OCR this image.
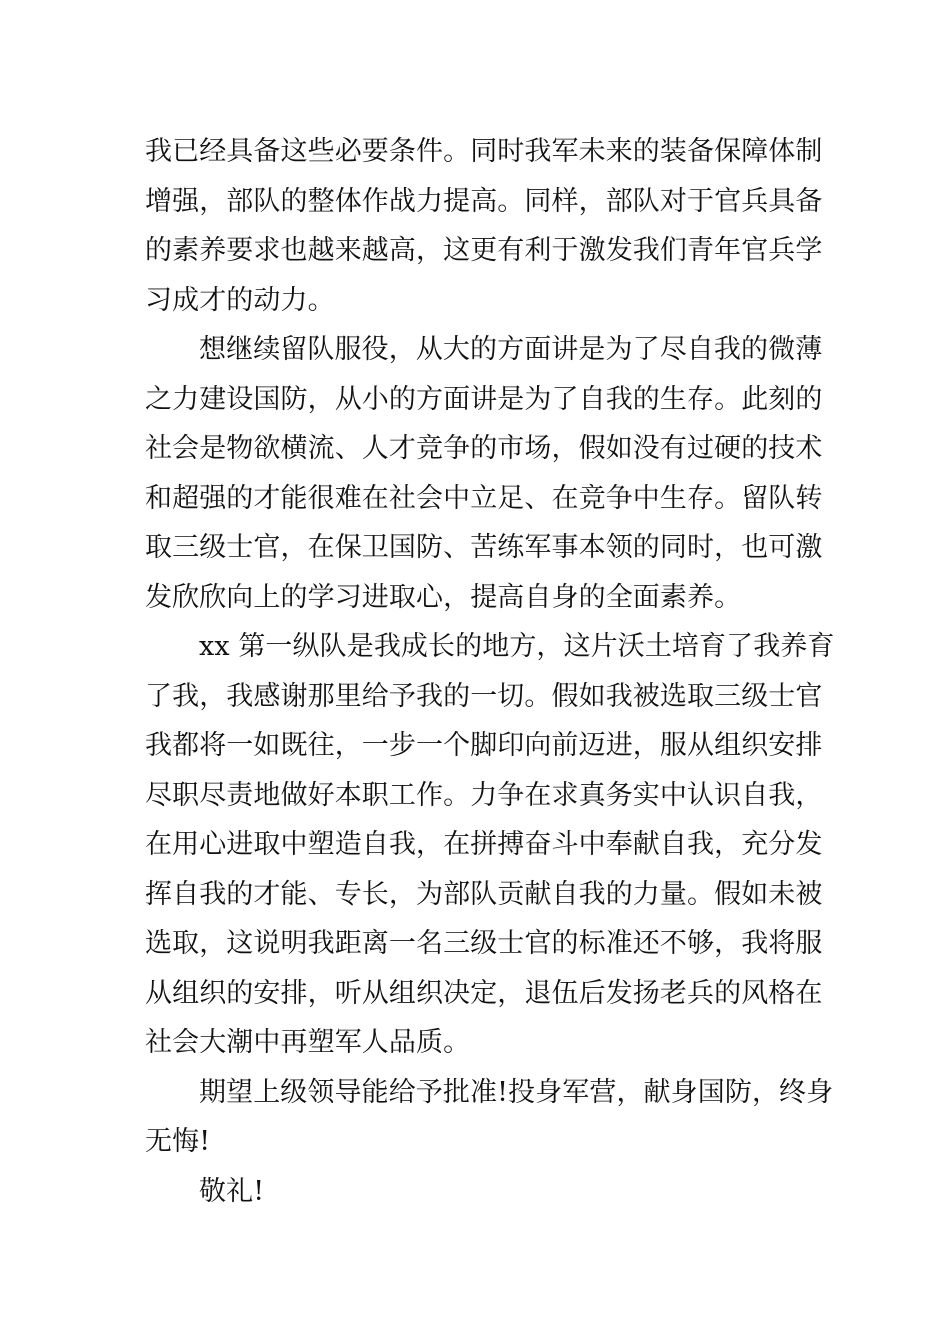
我已经具备这些必要条件。同时我军未来的装备保障体制
增强，部队的整体作战力提高。同样，部队对于官兵具备
的素养要求也越来越高，这更有利于激发我们青年官兵学
习成才的动力。

想继续留队服役，从大的方面讲是为了尽自我的微薄
之力建设国防，从小的方面讲是为了自我的生存。此刻的
社会是物欲横流、人才竞争的市场，假如没有过硬的技术
和超强的才能很难在社会中立足、在竞争中生存。留队转
取三级士官，在保卫国防、苦练军事本领的同时，也可激
发欣欣向上的学习进取心，提高自身的全面素养。

xx 第一纵队是我成长的地方，这片沃土培育了我养育
了我，我感谢那里给予我的一切。假如我被选取三级士官
我都将一如既往，一步一个脚印向前迈进，服从组织安排
尽职尽责地做好本职工作。力争在求真务实中认识自我，
在用心进取中塑造自我，在拼搏奋斗中奉献自我，充分发
挥自我的才能、专长，为部队贡献自我的力量。假如未被
选取，这说明我距离一名三级士官的标准还不够，我将服
从组织的安排，听从组织决定，退伍后发扬老兵的风格在
社会大潮中再塑军人品质。

期望上级领导能给予批准!投身军营，献身国防，终身
无悔!

敬礼!
